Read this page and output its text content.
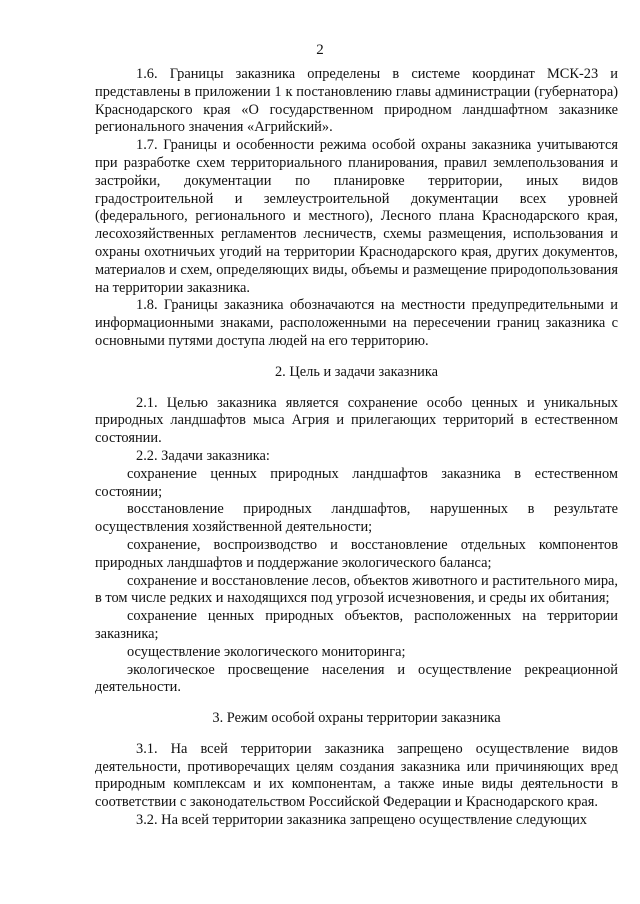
2

1.6. Границы заказника определены в системе координат МСК-23 и представлены в приложении 1 к постановлению главы администрации (губернатора) Краснодарского края «О государственном природном ландшафтном заказнике регионального значения «Агрийский».

1.7. Границы и особенности режима особой охраны заказника учитываются при разработке схем территориального планирования, правил землепользования и застройки, документации по планировке территории, иных видов градостроительной и землеустроительной документации всех уровней (федерального, регионального и местного), Лесного плана Краснодарского края, лесохозяйственных регламентов лесничеств, схемы размещения, использования и охраны охотничьих угодий на территории Краснодарского края, других документов, материалов и схем, определяющих виды, объемы и размещение природопользования на территории заказника.

1.8. Границы заказника обозначаются на местности предупредительными и информационными знаками, расположенными на пересечении границ заказника с основными путями доступа людей на его территорию.

2. Цель и задачи заказника

2.1. Целью заказника является сохранение особо ценных и уникальных природных ландшафтов мыса Агрия и прилегающих территорий в естественном состоянии.

2.2. Задачи заказника:

сохранение ценных природных ландшафтов заказника в естественном состоянии;

восстановление природных ландшафтов, нарушенных в результате осуществления хозяйственной деятельности;

сохранение, воспроизводство и восстановление отдельных компонентов природных ландшафтов и поддержание экологического баланса;

сохранение и восстановление лесов, объектов животного и растительного мира, в том числе редких и находящихся под угрозой исчезновения, и среды их обитания;

сохранение ценных природных объектов, расположенных на территории заказника;

осуществление экологического мониторинга;

экологическое просвещение населения и осуществление рекреационной деятельности.

3. Режим особой охраны территории заказника

3.1. На всей территории заказника запрещено осуществление видов деятельности, противоречащих целям создания заказника или причиняющих вред природным комплексам и их компонентам, а также иные виды деятельности в соответствии с законодательством Российской Федерации и Краснодарского края.

3.2. На всей территории заказника запрещено осуществление следующих
